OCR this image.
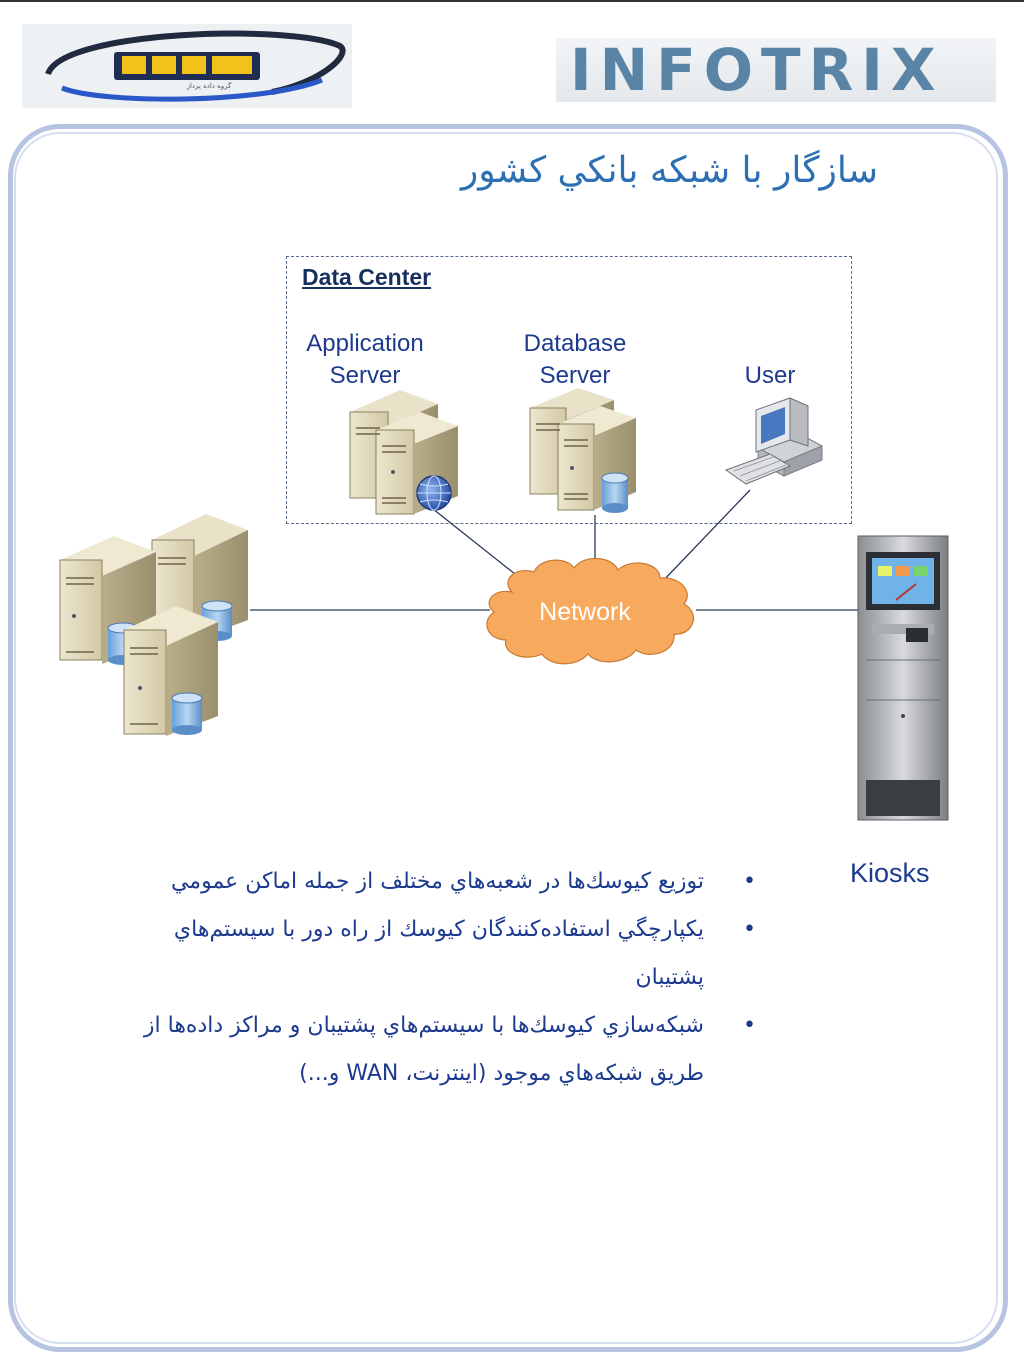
گروه داده پرداز	INFOTRIX
سازگار با شبكه بانكي كشور
Data Center
Application
Server
Database
Server	User
Network
Kiosks
•
توزيع كيوسك‌ها در شعبه‌هاي مختلف از جمله اماكن عمومي
•
يكپارچگي استفاده‌كنندگان كيوسك از راه دور با سيستم‌هاي پشتيبان
•
شبكه‌سازي كيوسك‌ها با سيستم‌هاي پشتيبان و مراكز داده‌ها از طريق شبكه‌هاي موجود (اينترنت، WAN و...)
